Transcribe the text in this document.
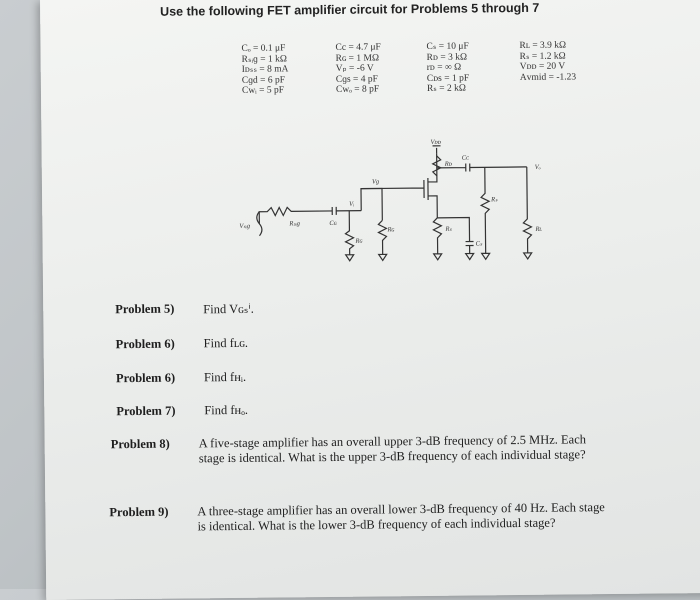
Use the following FET amplifier circuit for Problems 5 through 7
Cₒ = 0.1 μF
Rₛᵢɡ = 1 kΩ
Iᴅₛₛ = 8 mA
Cɡd = 6 pF
Cᴡᵢ = 5 pF
Cc = 4.7 μF
Rɢ = 1 MΩ
Vₚ = -6 V
Cɡs = 4 pF
Cᴡₒ = 8 pF
Cₛ = 10 μF
Rᴅ = 3 kΩ
rᴅ = ∞ Ω
Cᴅs = 1 pF
Rₛ = 2 kΩ
Rʟ = 3.9 kΩ
Rₛ = 1.2 kΩ
Vᴅᴅ = 20 V
Aᴠmid = -1.23
Vᴅᴅ
Rᴅ
Cᴄ
Vₒ
Rʟ
Rₛ
Cₛ
Rₛ
Rɢ
Vɡ
Vᵢ
Cɢ
Rₛᵢɡ
Rɢ
Vₛᵢɡ
Problem 5) Find Vɢₛⁱ.
Problem 6) Find fʟɢ.
Problem 6) Find fʜᵢ.
Problem 7) Find fʜₒ.
Problem 8) A five-stage amplifier has an overall upper 3-dB frequency of 2.5 MHz. Each stage is identical. What is the upper 3-dB frequency of each individual stage?
Problem 9) A three-stage amplifier has an overall lower 3-dB frequency of 40 Hz. Each stage is identical. What is the lower 3-dB frequency of each individual stage?
